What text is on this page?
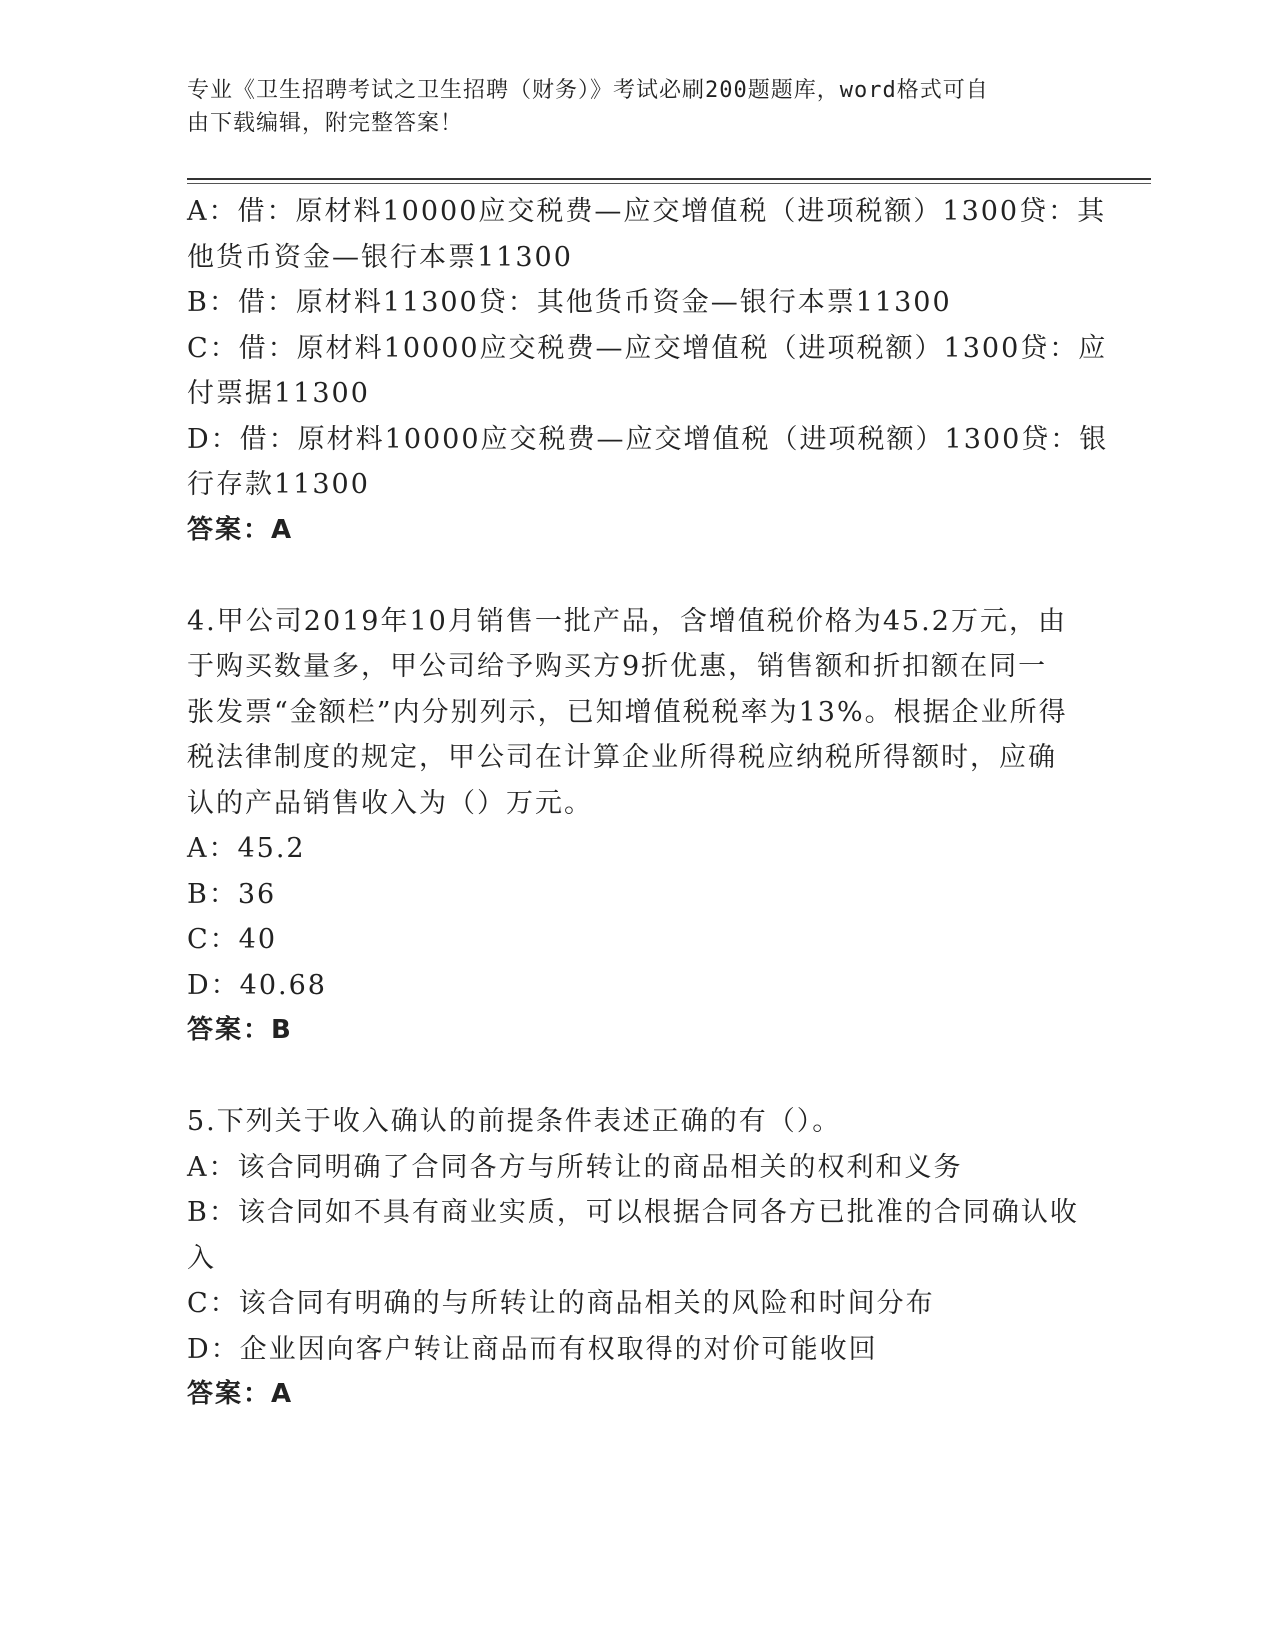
专业《卫生招聘考试之卫生招聘（财务）》考试必刷200题题库，word格式可自
由下载编辑，附完整答案！
A：借：原材料10000应交税费—应交增值税（进项税额）1300贷：其
他货币资金—银行本票11300
B：借：原材料11300贷：其他货币资金—银行本票11300
C：借：原材料10000应交税费—应交增值税（进项税额）1300贷：应
付票据11300
D：借：原材料10000应交税费—应交增值税（进项税额）1300贷：银
行存款11300
答案：A
4.甲公司2019年10月销售一批产品，含增值税价格为45.2万元，由
于购买数量多，甲公司给予购买方9折优惠，销售额和折扣额在同一
张发票“金额栏”内分别列示，已知增值税税率为13%。根据企业所得
税法律制度的规定，甲公司在计算企业所得税应纳税所得额时，应确
认的产品销售收入为（）万元。
A：45.2
B：36
C：40
D：40.68
答案：B
5.下列关于收入确认的前提条件表述正确的有（）。
A：该合同明确了合同各方与所转让的商品相关的权利和义务
B：该合同如不具有商业实质，可以根据合同各方已批准的合同确认收
入
C：该合同有明确的与所转让的商品相关的风险和时间分布
D：企业因向客户转让商品而有权取得的对价可能收回
答案：A
